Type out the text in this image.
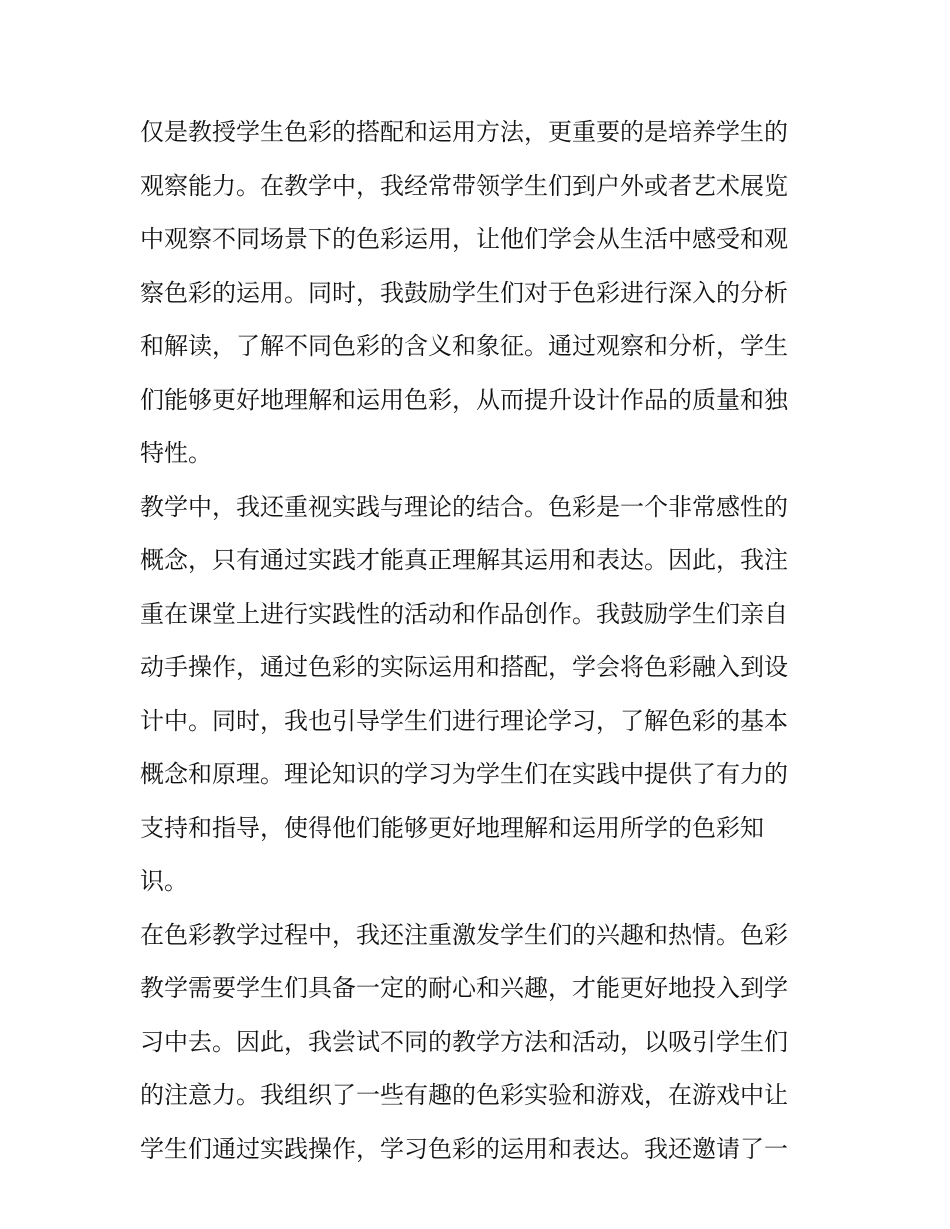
仅是教授学生色彩的搭配和运用方法，更重要的是培养学生的
观察能力。在教学中，我经常带领学生们到户外或者艺术展览
中观察不同场景下的色彩运用，让他们学会从生活中感受和观
察色彩的运用。同时，我鼓励学生们对于色彩进行深入的分析
和解读，了解不同色彩的含义和象征。通过观察和分析，学生
们能够更好地理解和运用色彩，从而提升设计作品的质量和独
特性。
教学中，我还重视实践与理论的结合。色彩是一个非常感性的
概念，只有通过实践才能真正理解其运用和表达。因此，我注
重在课堂上进行实践性的活动和作品创作。我鼓励学生们亲自
动手操作，通过色彩的实际运用和搭配，学会将色彩融入到设
计中。同时，我也引导学生们进行理论学习，了解色彩的基本
概念和原理。理论知识的学习为学生们在实践中提供了有力的
支持和指导，使得他们能够更好地理解和运用所学的色彩知
识。
在色彩教学过程中，我还注重激发学生们的兴趣和热情。色彩
教学需要学生们具备一定的耐心和兴趣，才能更好地投入到学
习中去。因此，我尝试不同的教学方法和活动，以吸引学生们
的注意力。我组织了一些有趣的色彩实验和游戏，在游戏中让
学生们通过实践操作，学习色彩的运用和表达。我还邀请了一
